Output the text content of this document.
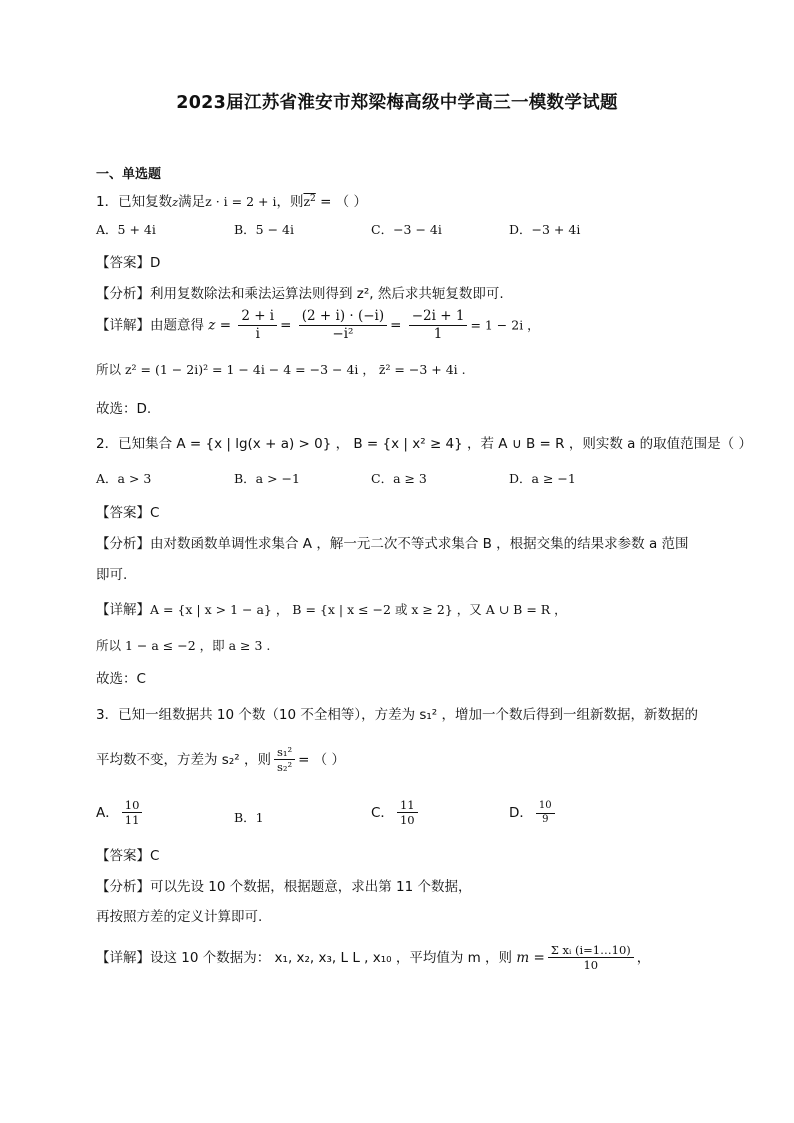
2023届江苏省淮安市郑梁梅高级中学高三一模数学试题
一、单选题
1．已知复数z满足z · i = 2 + i，则$z^2$ = （ ）
A．5 + 4i	B．5 − 4i	C．−3 − 4i	D．−3 + 4i
【答案】D
【分析】利用复数除法和乘法运算法则得到 z², 然后求共轭复数即可.
【详解】由题意得 $z = \frac{2 + i}{i} = \frac{(2 + i) \cdot (-i)}{\text{−i²}} = \frac{-2i + 1}{1} = 1 - 2i$ ，
所以 z² = (1 − 2i)² = 1 − 4i − 4 = −3 − 4i ， z̄² = −3 + 4i .
故选：D.
2．已知集合 A = {x | lg(x + a) > 0} ， B = {x | x² ≥ 4} ，若 A ∪ B = R ，则实数 a 的取值范围是（ ）
A．a > 3	B．a > −1	C．a ≥ 3	D．a ≥ −1
【答案】C
【分析】由对数函数单调性求集合 A ，解一元二次不等式求集合 B ，根据交集的结果求参数 a 范围
即可.
【详解】A = {x | x > 1 − a} ， B = {x | x ≤ −2 或 x ≥ 2} ，又 A ∪ B = R ，
所以 1 − a ≤ −2 ，即 a ≥ 3 .
故选：C
3．已知一组数据共 10 个数（10 不全相等），方差为 s₁² ，增加一个数后得到一组新数据，新数据的
平均数不变，方差为 s₂² ，则 $\frac{\text{s₁²}}{\text{s₂²}}$ = （ ）
A． $\frac{10}{11}$	B．1	C． $\frac{11}{10}$	D． $\frac{10}{9}$
【答案】C
【分析】可以先设 10 个数据，根据题意，求出第 11 个数据，
再按照方差的定义计算即可.
【详解】设这 10 个数据为： x₁, x₂, x₃, L L , x₁₀ ，平均值为 m ，则 $m = \frac{\text{Σ xᵢ (i=1…10)}}{10}$ ，
